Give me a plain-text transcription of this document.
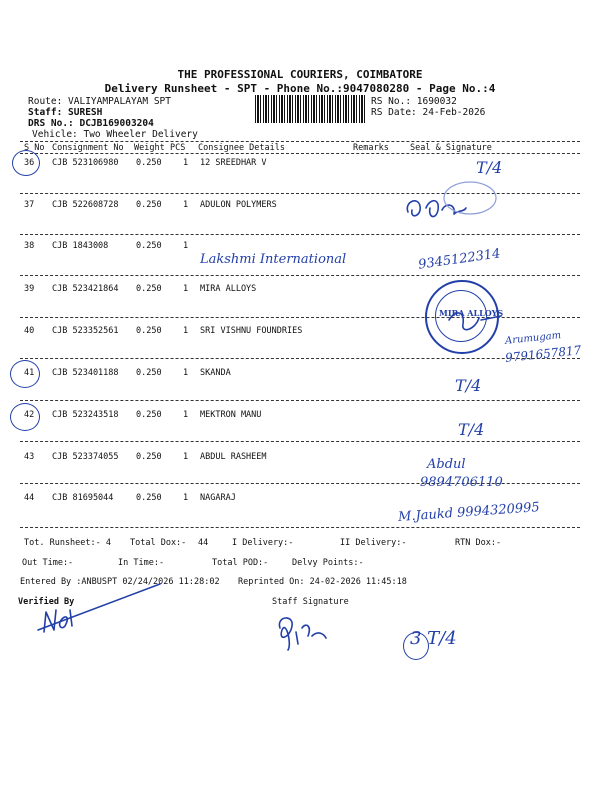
THE PROFESSIONAL COURIERS, COIMBATORE
Delivery Runsheet - SPT - Phone No.:9047080280 - Page No.:4
Route: VALIYAMPALAYAM SPT
Staff: SURESH
DRS No.: DCJB169003204
Vehicle: Two Wheeler Delivery
RS No.: 1690032
RS Date: 24-Feb-2026
S No Consignment No Weight PCS Consignee Details	Remarks Seal & Signature
36 CJB 523106980 0.250	1 12 SREEDHAR V
37 CJB 522608728 0.250	1 ADULON POLYMERS
38 CJB 1843008	0.250	1
39 CJB 523421864 0.250	1 MIRA ALLOYS
40 CJB 523352561 0.250	1 SRI VISHNU FOUNDRIES
41 CJB 523401188 0.250	1 SKANDA
42 CJB 523243518 0.250	1 MEKTRON MANU
43 CJB 523374055 0.250	1 ABDUL RASHEEM
44 CJB 81695044	0.250	1 NAGARAJ
T/4
Lakshmi International	9345122314
Arumugam
9791657817
T/4
T/4
Abdul
9894706110
M.Jaukd 9994320995
MIRA ALLOYS
Tot. Runsheet:- 4 Total Dox:- 44	I Delivery:-	II Delivery:-	RTN Dox:-
Out Time:-	In Time:-	Total POD:-	Delvy Points:-
Entered By :ANBUSPT 02/24/2026 11:28:02 Reprinted On: 24-02-2026 11:45:18
Verified By	Staff Signature
3 T/4
